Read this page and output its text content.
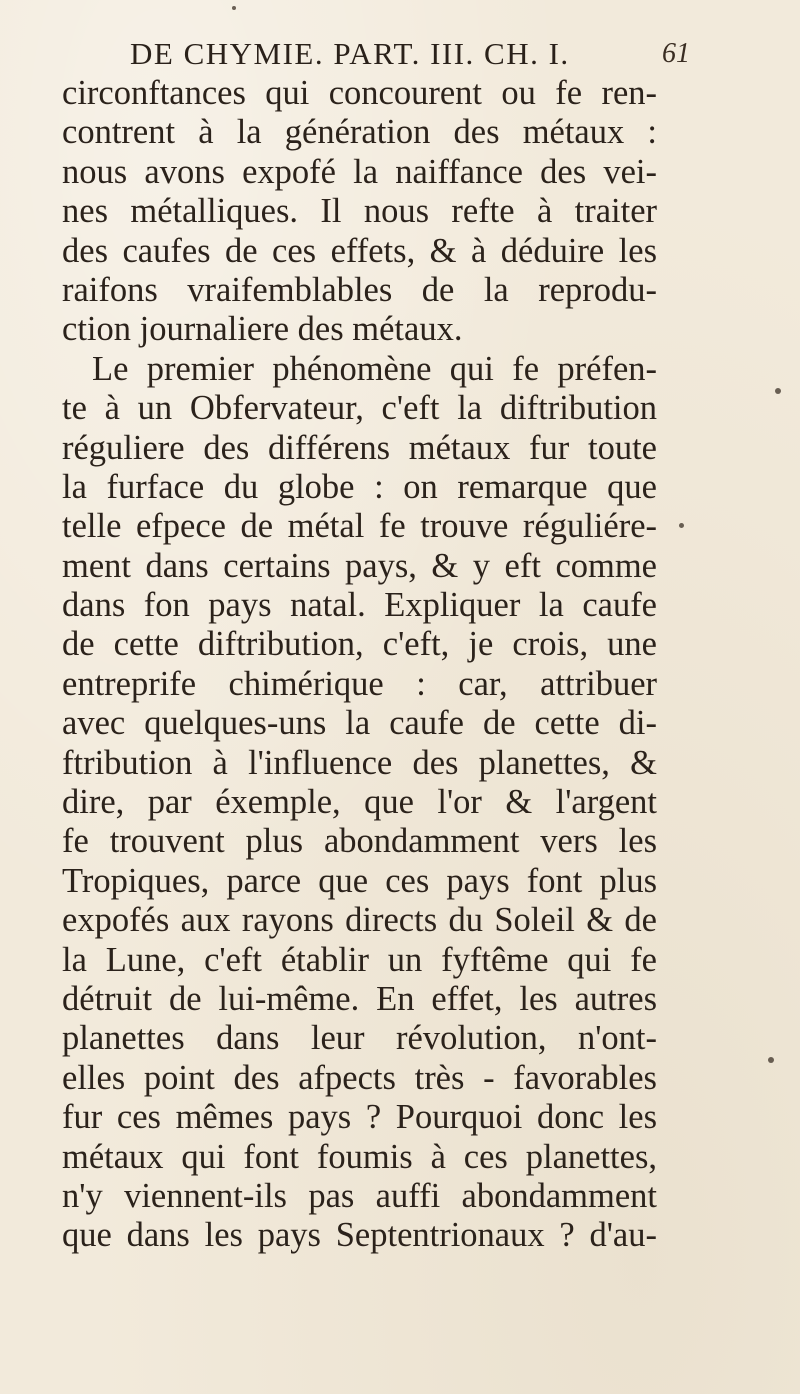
DE CHYMIE. PART. III. CH. I.	61
circonftances qui concourent ou fe ren-
contrent à la génération des métaux :
nous avons expofé la naiffance des vei-
nes métalliques. Il nous refte à traiter
des caufes de ces effets, & à déduire les
raifons vraifemblables de la reprodu-
ction journaliere des métaux.
Le premier phénomène qui fe préfen-
te à un Obfervateur, c'eft la diftribution
réguliere des différens métaux fur toute
la furface du globe : on remarque que
telle efpece de métal fe trouve réguliére-
ment dans certains pays, & y eft comme
dans fon pays natal. Expliquer la caufe
de cette diftribution, c'eft, je crois, une
entreprife chimérique : car, attribuer
avec quelques-uns la caufe de cette di-
ftribution à l'influence des planettes, &
dire, par éxemple, que l'or & l'argent
fe trouvent plus abondamment vers les
Tropiques, parce que ces pays font plus
expofés aux rayons directs du Soleil & de
la Lune, c'eft établir un fyftême qui fe
détruit de lui-même. En effet, les autres
planettes dans leur révolution, n'ont-
elles point des afpects très - favorables
fur ces mêmes pays ? Pourquoi donc les
métaux qui font foumis à ces planettes,
n'y viennent-ils pas auffi abondamment
que dans les pays Septentrionaux ? d'au-
